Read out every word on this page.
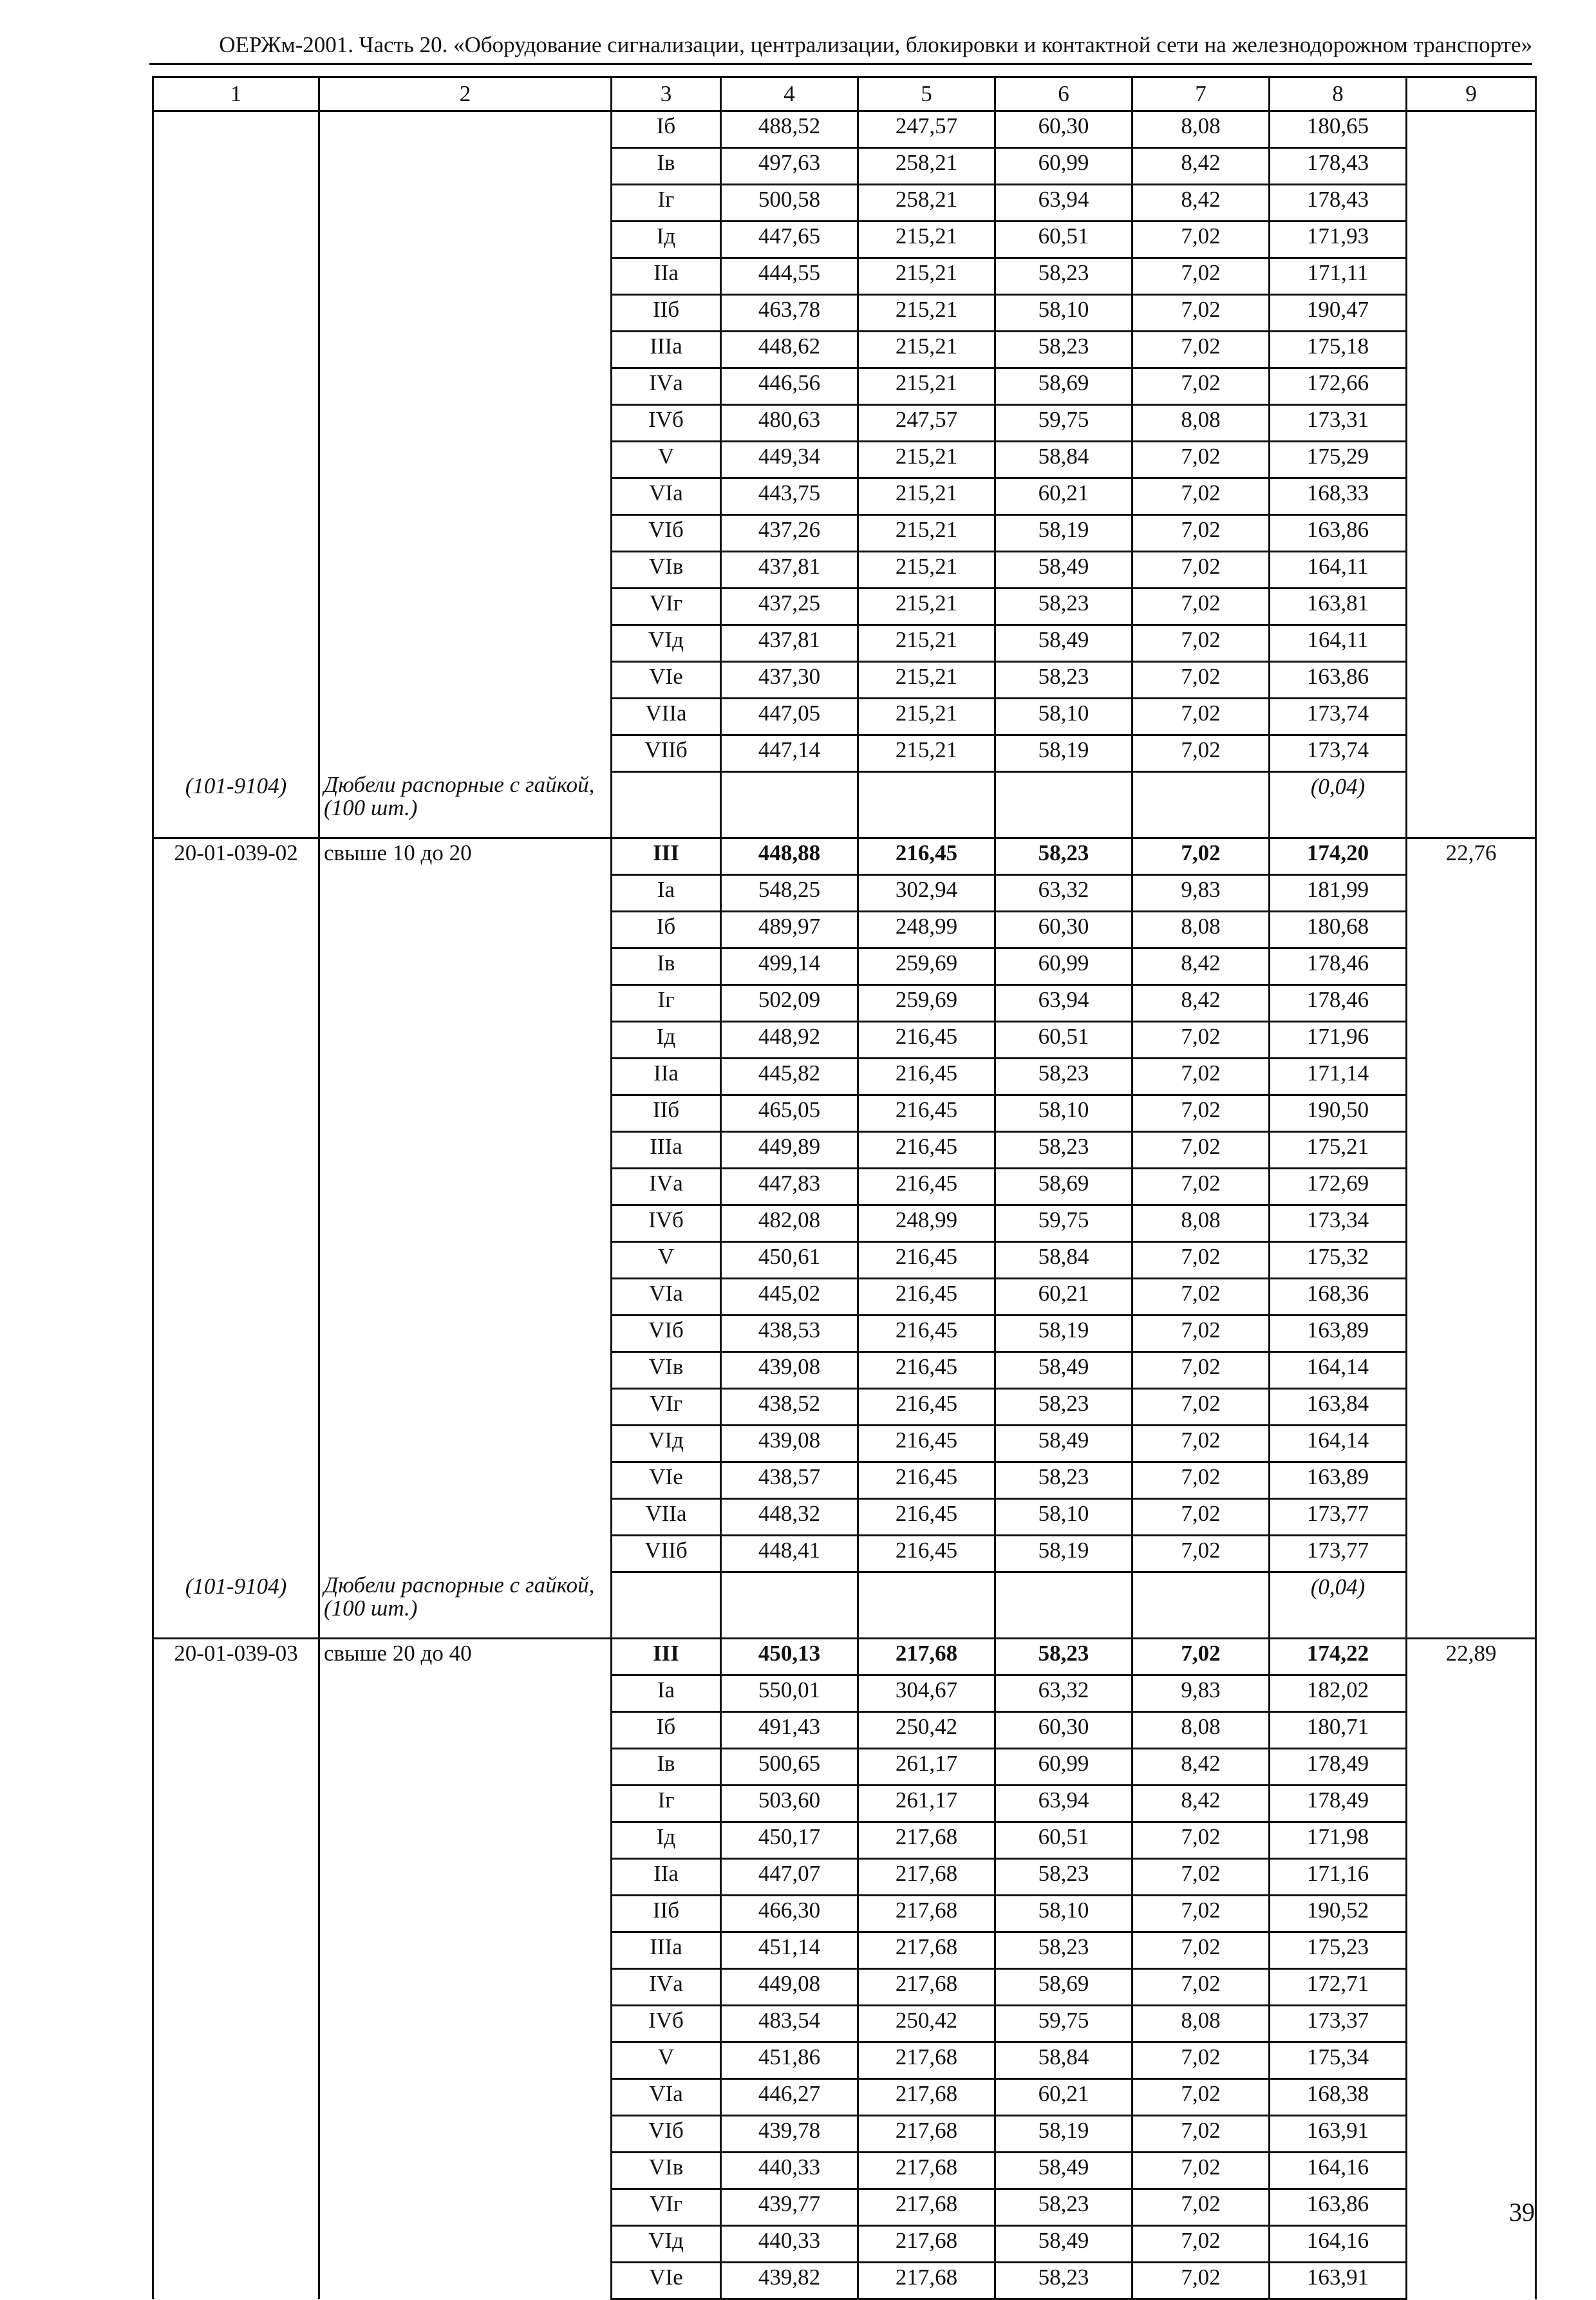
ОЕРЖм-2001. Часть 20. «Оборудование сигнализации, централизации, блокировки и контактной сети на железнодорожном транспорте»
1	2	3	4	5	6	7	8	9
		Iб	488,52	247,57	60,30	8,08	180,65	
		Iв	497,63	258,21	60,99	8,42	178,43	
		Iг	500,58	258,21	63,94	8,42	178,43	
		Iд	447,65	215,21	60,51	7,02	171,93	
		IIа	444,55	215,21	58,23	7,02	171,11	
		IIб	463,78	215,21	58,10	7,02	190,47	
		IIIа	448,62	215,21	58,23	7,02	175,18	
		IVа	446,56	215,21	58,69	7,02	172,66	
		IVб	480,63	247,57	59,75	8,08	173,31	
		V	449,34	215,21	58,84	7,02	175,29	
		VIа	443,75	215,21	60,21	7,02	168,33	
		VIб	437,26	215,21	58,19	7,02	163,86	
		VIв	437,81	215,21	58,49	7,02	164,11	
		VIг	437,25	215,21	58,23	7,02	163,81	
		VIд	437,81	215,21	58,49	7,02	164,11	
		VIе	437,30	215,21	58,23	7,02	163,86	
		VIIа	447,05	215,21	58,10	7,02	173,74	
		VIIб	447,14	215,21	58,19	7,02	173,74	
(101-9104)	Дюбели распорные с гайкой, (100 шт.)						(0,04)	
20-01-039-02	свыше 10 до 20	III	448,88	216,45	58,23	7,02	174,20	22,76
		Iа	548,25	302,94	63,32	9,83	181,99	
		Iб	489,97	248,99	60,30	8,08	180,68	
		Iв	499,14	259,69	60,99	8,42	178,46	
		Iг	502,09	259,69	63,94	8,42	178,46	
		Iд	448,92	216,45	60,51	7,02	171,96	
		IIа	445,82	216,45	58,23	7,02	171,14	
		IIб	465,05	216,45	58,10	7,02	190,50	
		IIIа	449,89	216,45	58,23	7,02	175,21	
		IVа	447,83	216,45	58,69	7,02	172,69	
		IVб	482,08	248,99	59,75	8,08	173,34	
		V	450,61	216,45	58,84	7,02	175,32	
		VIа	445,02	216,45	60,21	7,02	168,36	
		VIб	438,53	216,45	58,19	7,02	163,89	
		VIв	439,08	216,45	58,49	7,02	164,14	
		VIг	438,52	216,45	58,23	7,02	163,84	
		VIд	439,08	216,45	58,49	7,02	164,14	
		VIе	438,57	216,45	58,23	7,02	163,89	
		VIIа	448,32	216,45	58,10	7,02	173,77	
		VIIб	448,41	216,45	58,19	7,02	173,77	
(101-9104)	Дюбели распорные с гайкой, (100 шт.)						(0,04)	
20-01-039-03	свыше 20 до 40	III	450,13	217,68	58,23	7,02	174,22	22,89
		Iа	550,01	304,67	63,32	9,83	182,02	
		Iб	491,43	250,42	60,30	8,08	180,71	
		Iв	500,65	261,17	60,99	8,42	178,49	
		Iг	503,60	261,17	63,94	8,42	178,49	
		Iд	450,17	217,68	60,51	7,02	171,98	
		IIа	447,07	217,68	58,23	7,02	171,16	
		IIб	466,30	217,68	58,10	7,02	190,52	
		IIIа	451,14	217,68	58,23	7,02	175,23	
		IVа	449,08	217,68	58,69	7,02	172,71	
		IVб	483,54	250,42	59,75	8,08	173,37	
		V	451,86	217,68	58,84	7,02	175,34	
		VIа	446,27	217,68	60,21	7,02	168,38	
		VIб	439,78	217,68	58,19	7,02	163,91	
		VIв	440,33	217,68	58,49	7,02	164,16	
		VIг	439,77	217,68	58,23	7,02	163,86	
		VIд	440,33	217,68	58,49	7,02	164,16	
		VIе	439,82	217,68	58,23	7,02	163,91	
39
